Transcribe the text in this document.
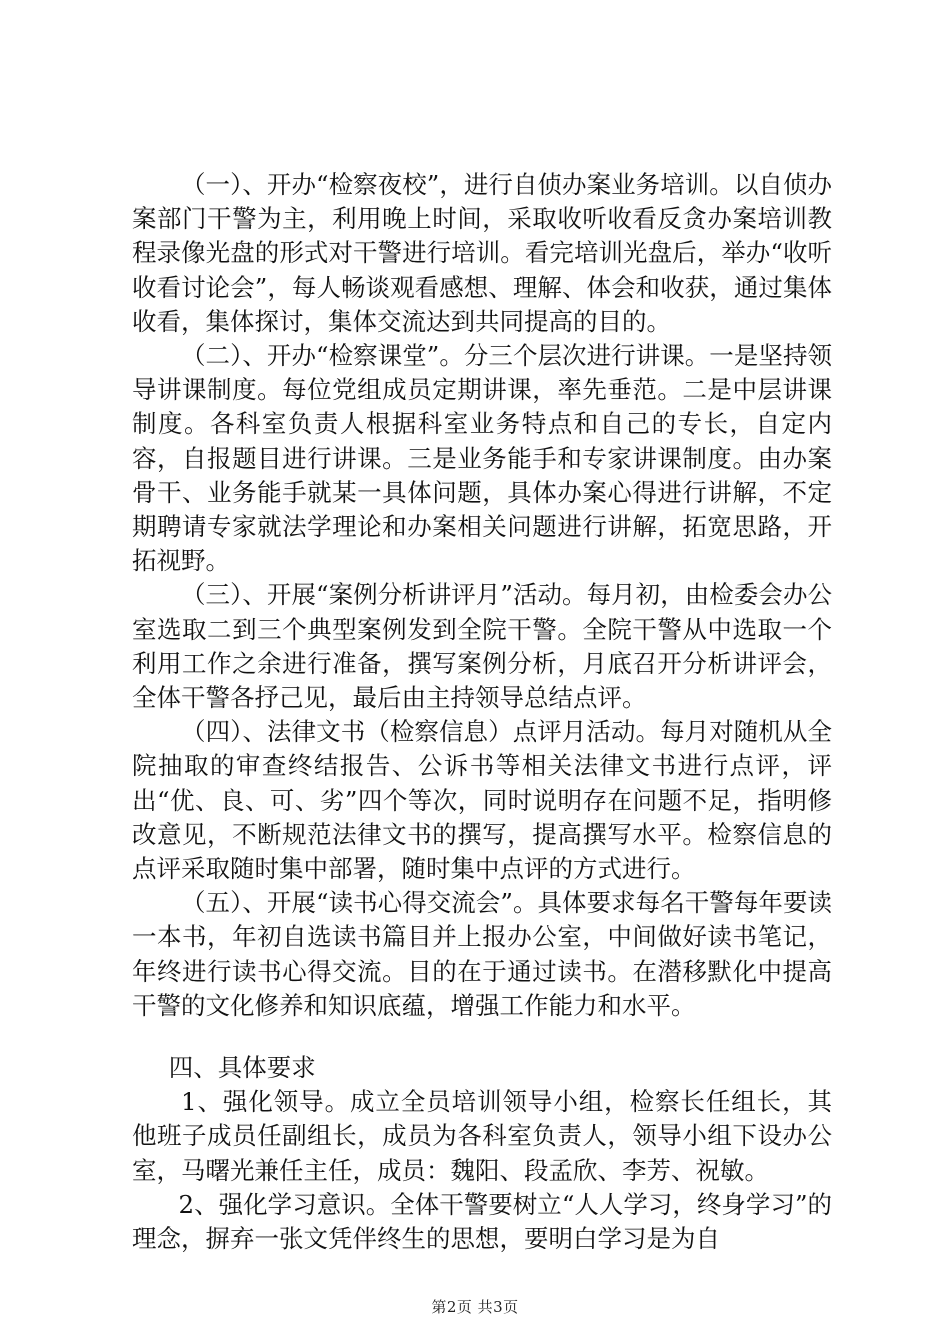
（一）、开办“检察夜校”，进行自侦办案业务培训。以自侦办案部门干警为主，利用晚上时间，采取收听收看反贪办案培训教程录像光盘的形式对干警进行培训。看完培训光盘后，举办“收听收看讨论会”，每人畅谈观看感想、理解、体会和收获，通过集体收看，集体探讨，集体交流达到共同提高的目的。

（二）、开办“检察课堂”。分三个层次进行讲课。一是坚持领导讲课制度。每位党组成员定期讲课，率先垂范。二是中层讲课制度。各科室负责人根据科室业务特点和自己的专长，自定内容，自报题目进行讲课。三是业务能手和专家讲课制度。由办案骨干、业务能手就某一具体问题，具体办案心得进行讲解，不定期聘请专家就法学理论和办案相关问题进行讲解，拓宽思路，开拓视野。

（三）、开展“案例分析讲评月”活动。每月初，由检委会办公室选取二到三个典型案例发到全院干警。全院干警从中选取一个利用工作之余进行准备，撰写案例分析，月底召开分析讲评会，全体干警各抒己见，最后由主持领导总结点评。

（四）、法律文书（检察信息）点评月活动。每月对随机从全院抽取的审查终结报告、公诉书等相关法律文书进行点评，评出“优、良、可、劣”四个等次，同时说明存在问题不足，指明修改意见，不断规范法律文书的撰写，提高撰写水平。检察信息的点评采取随时集中部署，随时集中点评的方式进行。

（五）、开展“读书心得交流会”。具体要求每名干警每年要读一本书，年初自选读书篇目并上报办公室，中间做好读书笔记，年终进行读书心得交流。目的在于通过读书。在潜移默化中提高干警的文化修养和知识底蕴，增强工作能力和水平。

四、具体要求

1、强化领导。成立全员培训领导小组，检察长任组长，其他班子成员任副组长，成员为各科室负责人，领导小组下设办公室，马曙光兼任主任，成员：魏阳、段孟欣、李芳、祝敏。

2、强化学习意识。全体干警要树立“人人学习，终身学习”的理念，摒弃一张文凭伴终生的思想，要明白学习是为自

第2页 共3页
